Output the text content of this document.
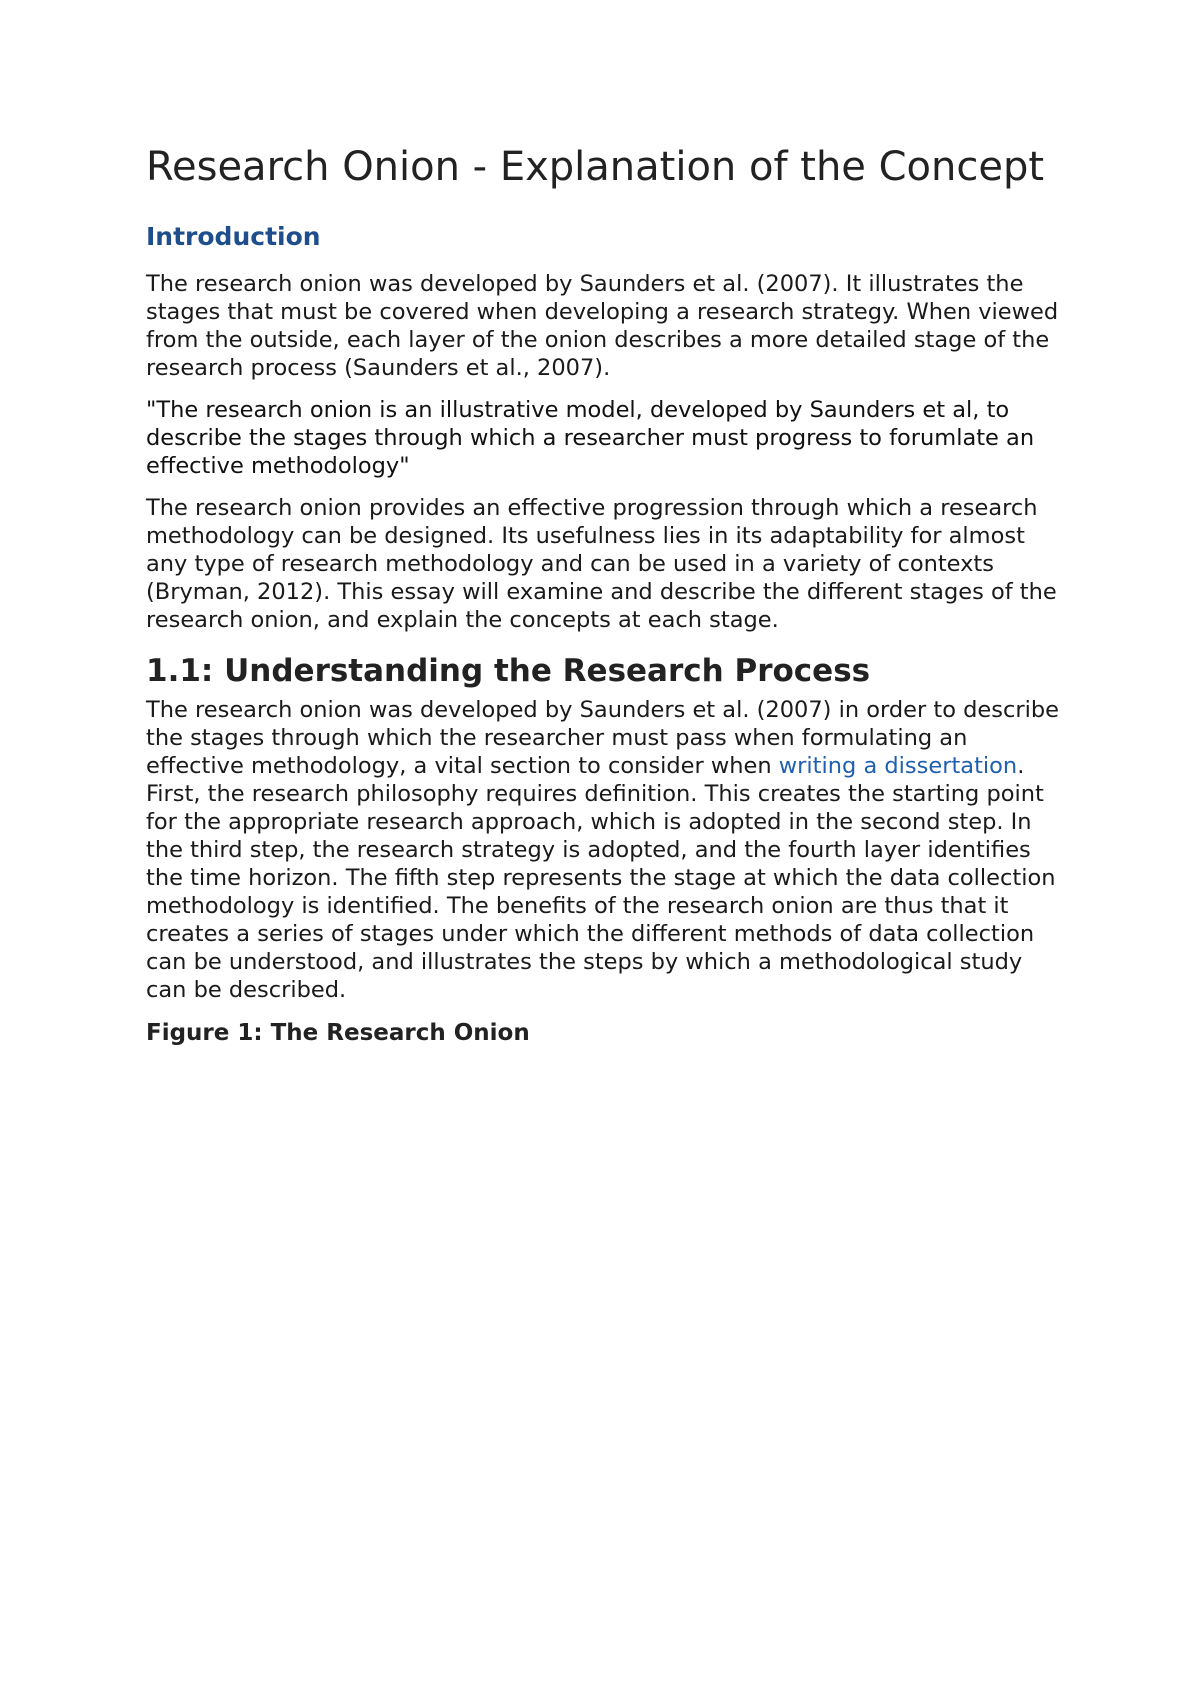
Research Onion - Explanation of the Concept
Introduction

The research onion was developed by Saunders et al. (2007). It illustrates the stages that must be covered when developing a research strategy. When viewed from the outside, each layer of the onion describes a more detailed stage of the research process (Saunders et al., 2007).

"The research onion is an illustrative model, developed by Saunders et al, to describe the stages through which a researcher must progress to forumlate an effective methodology"

The research onion provides an effective progression through which a research methodology can be designed. Its usefulness lies in its adaptability for almost any type of research methodology and can be used in a variety of contexts (Bryman, 2012). This essay will examine and describe the different stages of the research onion, and explain the concepts at each stage.

1.1: Understanding the Research Process

The research onion was developed by Saunders et al. (2007) in order to describe the stages through which the researcher must pass when formulating an effective methodology, a vital section to consider when writing a dissertation. First, the research philosophy requires definition. This creates the starting point for the appropriate research approach, which is adopted in the second step. In the third step, the research strategy is adopted, and the fourth layer identifies the time horizon. The fifth step represents the stage at which the data collection methodology is identified. The benefits of the research onion are thus that it creates a series of stages under which the different methods of data collection can be understood, and illustrates the steps by which a methodological study can be described.

Figure 1: The Research Onion
